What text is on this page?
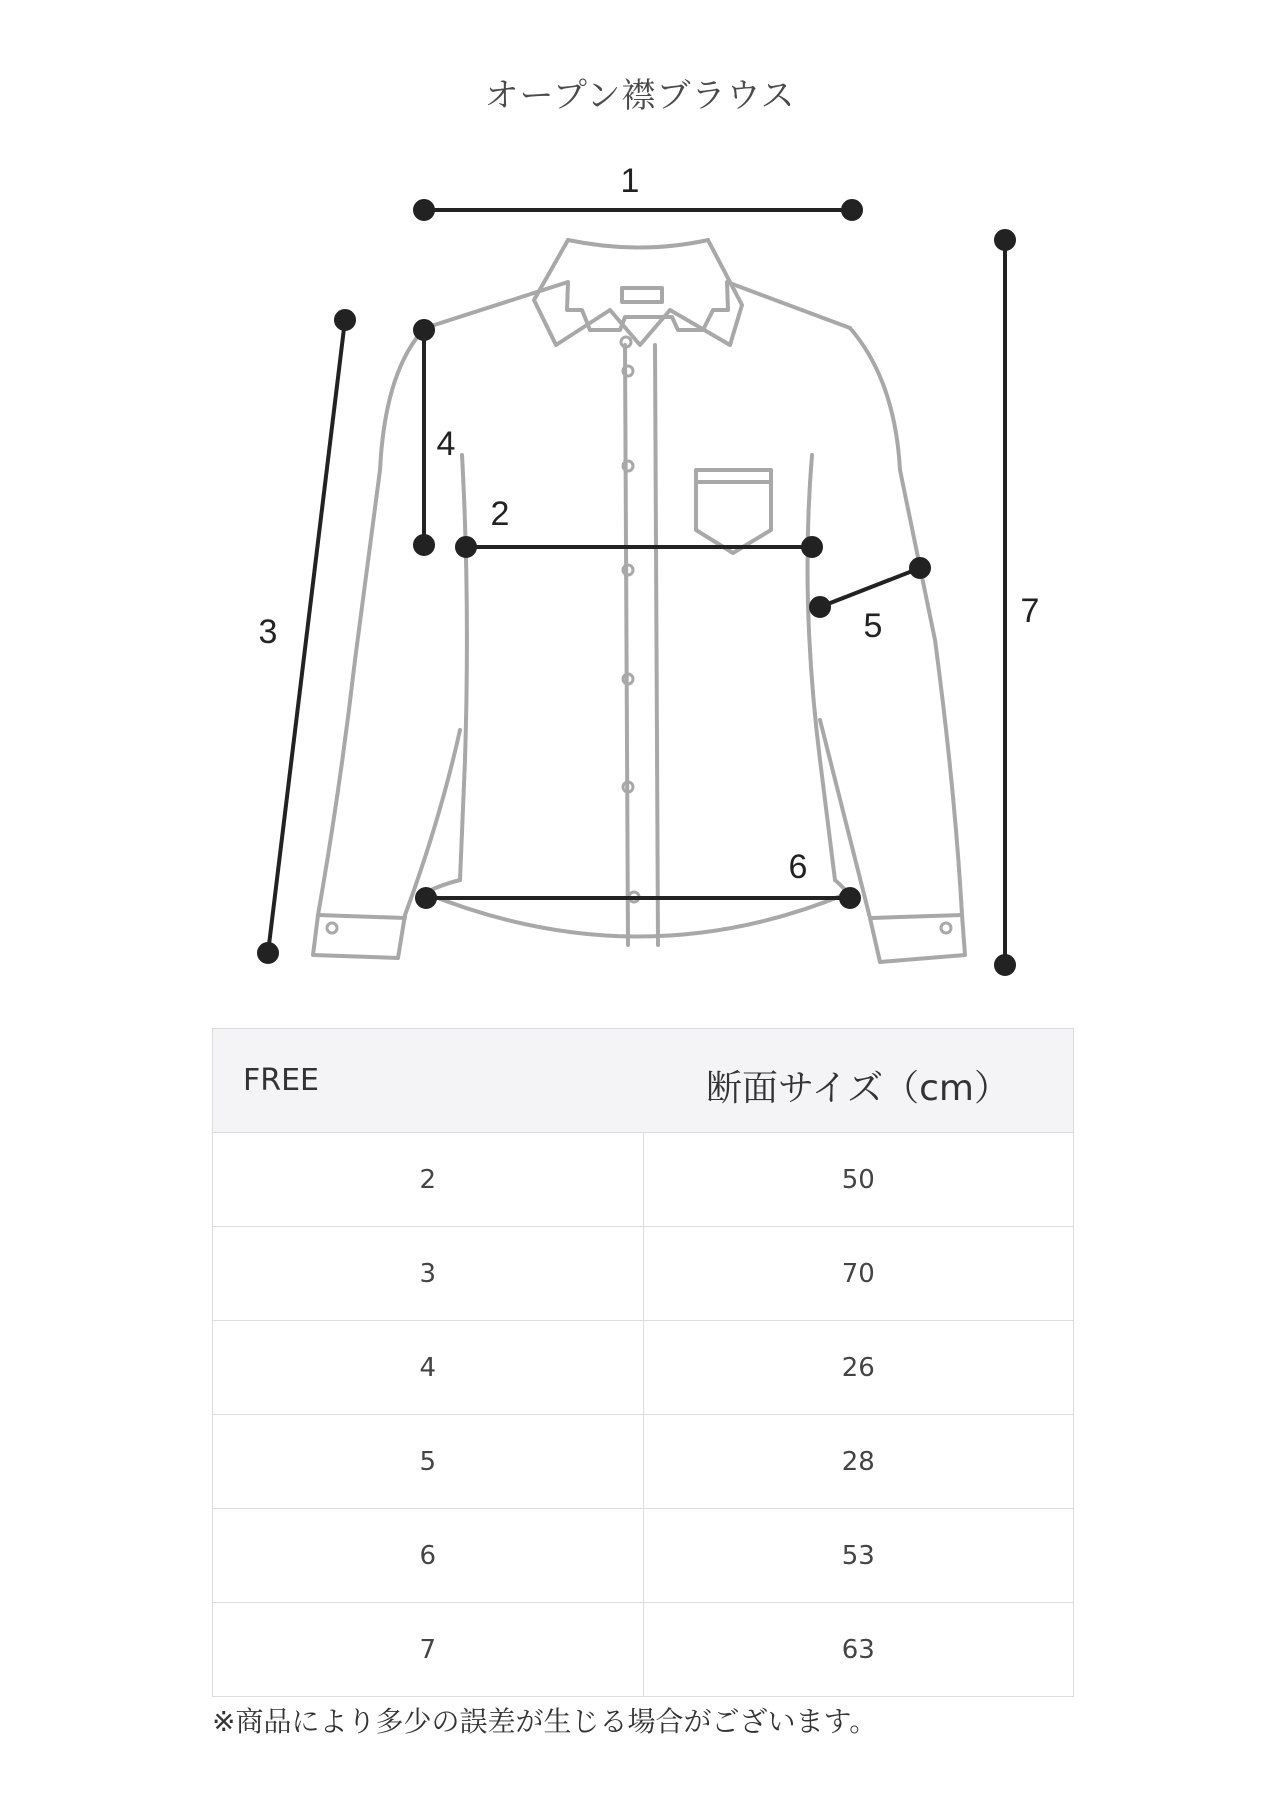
オープン襟ブラウス
1
2
3
4
5
6
7
FREE	断面サイズ（cm）
2	50
3	70
4	26
5	28
6	53
7	63
※商品により多少の誤差が生じる場合がございます。
